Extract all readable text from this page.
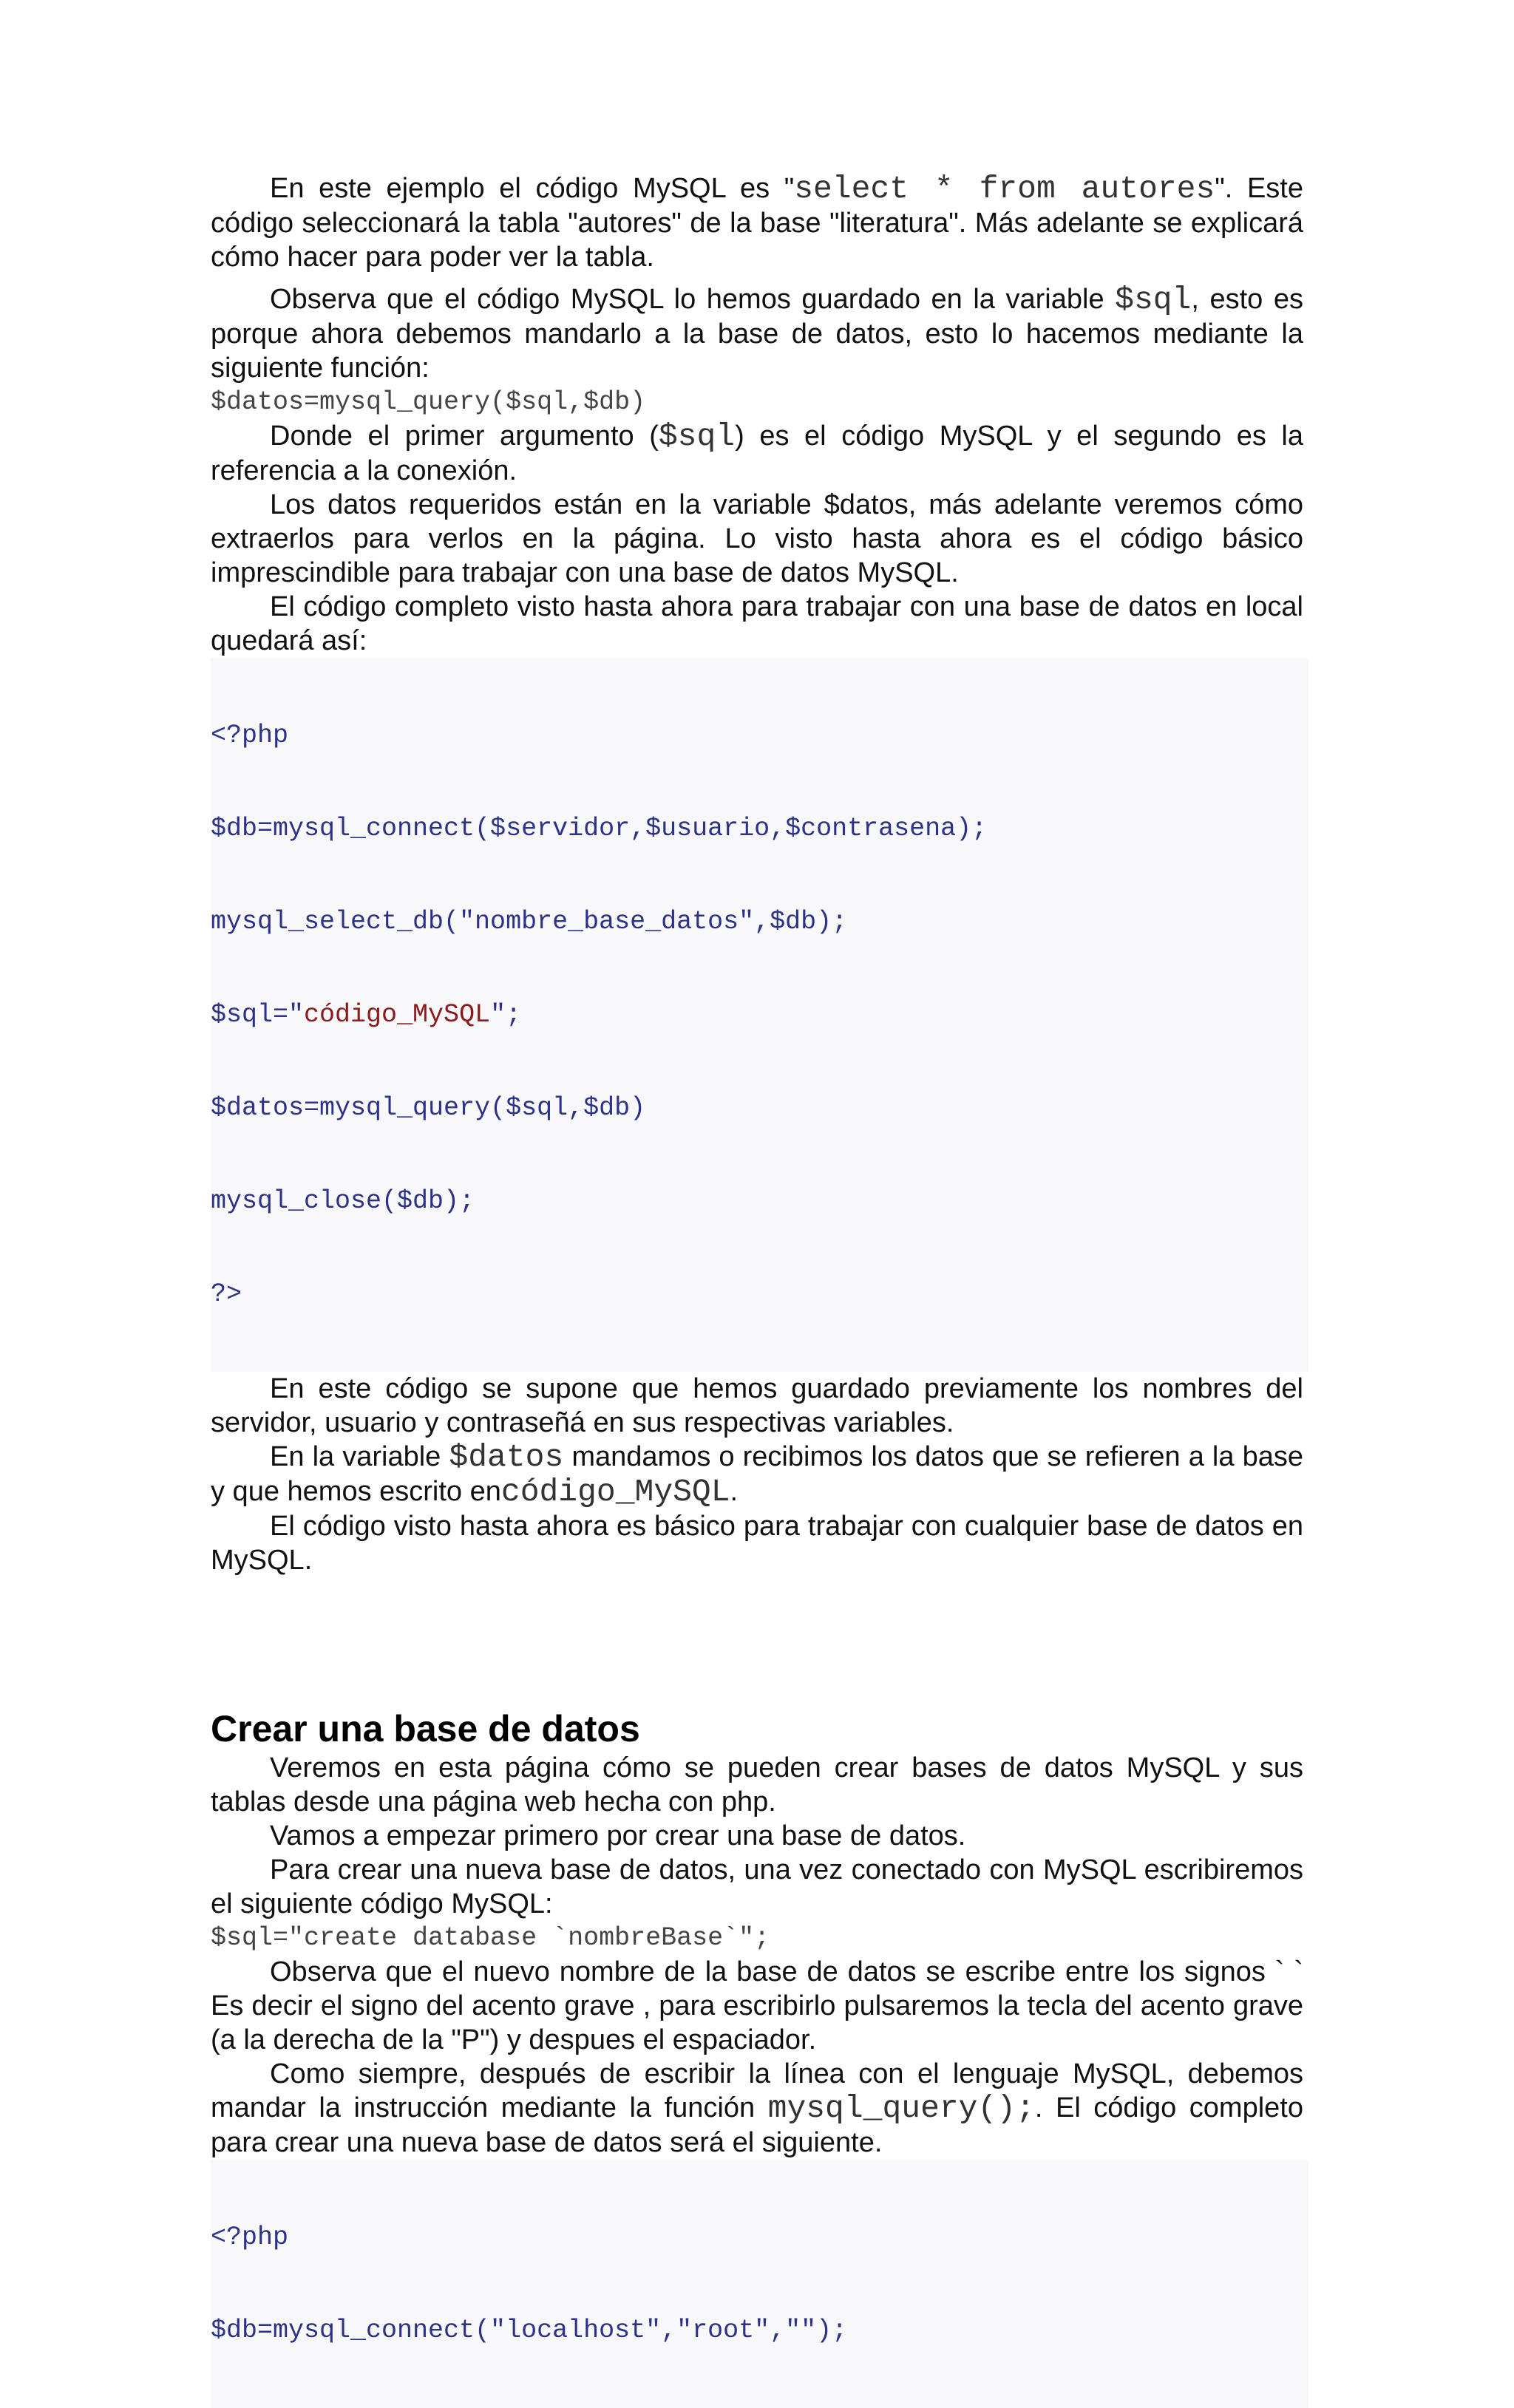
En este ejemplo el código MySQL es "select * from autores". Este código seleccionará la tabla "autores" de la base "literatura". Más adelante se explicará cómo hacer para poder ver la tabla.

Observa que el código MySQL lo hemos guardado en la variable $sql, esto es porque ahora debemos mandarlo a la base de datos, esto lo hacemos mediante la siguiente función:

$datos=mysql_query($sql,$db)

Donde el primer argumento ($sql) es el código MySQL y el segundo es la referencia a la conexión.

Los datos requeridos están en la variable $datos, más adelante veremos cómo extraerlos para verlos en la página. Lo visto hasta ahora es el código básico imprescindible para trabajar con una base de datos MySQL.

El código completo visto hasta ahora para trabajar con una base de datos en local quedará así:

<?php

$db=mysql_connect($servidor,$usuario,$contrasena);

mysql_select_db("nombre_base_datos",$db);

$sql="código_MySQL";

$datos=mysql_query($sql,$db)

mysql_close($db);

?>

En este código se supone que hemos guardado previamente los nombres del servidor, usuario y contraseñá en sus respectivas variables.

En la variable $datos mandamos o recibimos los datos que se refieren a la base y que hemos escrito encódigo_MySQL.

El código visto hasta ahora es básico para trabajar con cualquier base de datos en MySQL.

Crear una base de datos

Veremos en esta página cómo se pueden crear bases de datos MySQL y sus tablas desde una página web hecha con php.

Vamos a empezar primero por crear una base de datos.

Para crear una nueva base de datos, una vez conectado con MySQL escribiremos el siguiente código MySQL:

$sql="create database `nombreBase`";

Observa que el nuevo nombre de la base de datos se escribe entre los signos ` ` Es decir el signo del acento grave , para escribirlo pulsaremos la tecla del acento grave (a la derecha de la "P") y despues el espaciador.

Como siempre, después de escribir la línea con el lenguaje MySQL, debemos mandar la instrucción mediante la función mysql_query();. El código completo para crear una nueva base de datos será el siguiente.

<?php

$db=mysql_connect("localhost","root","");
